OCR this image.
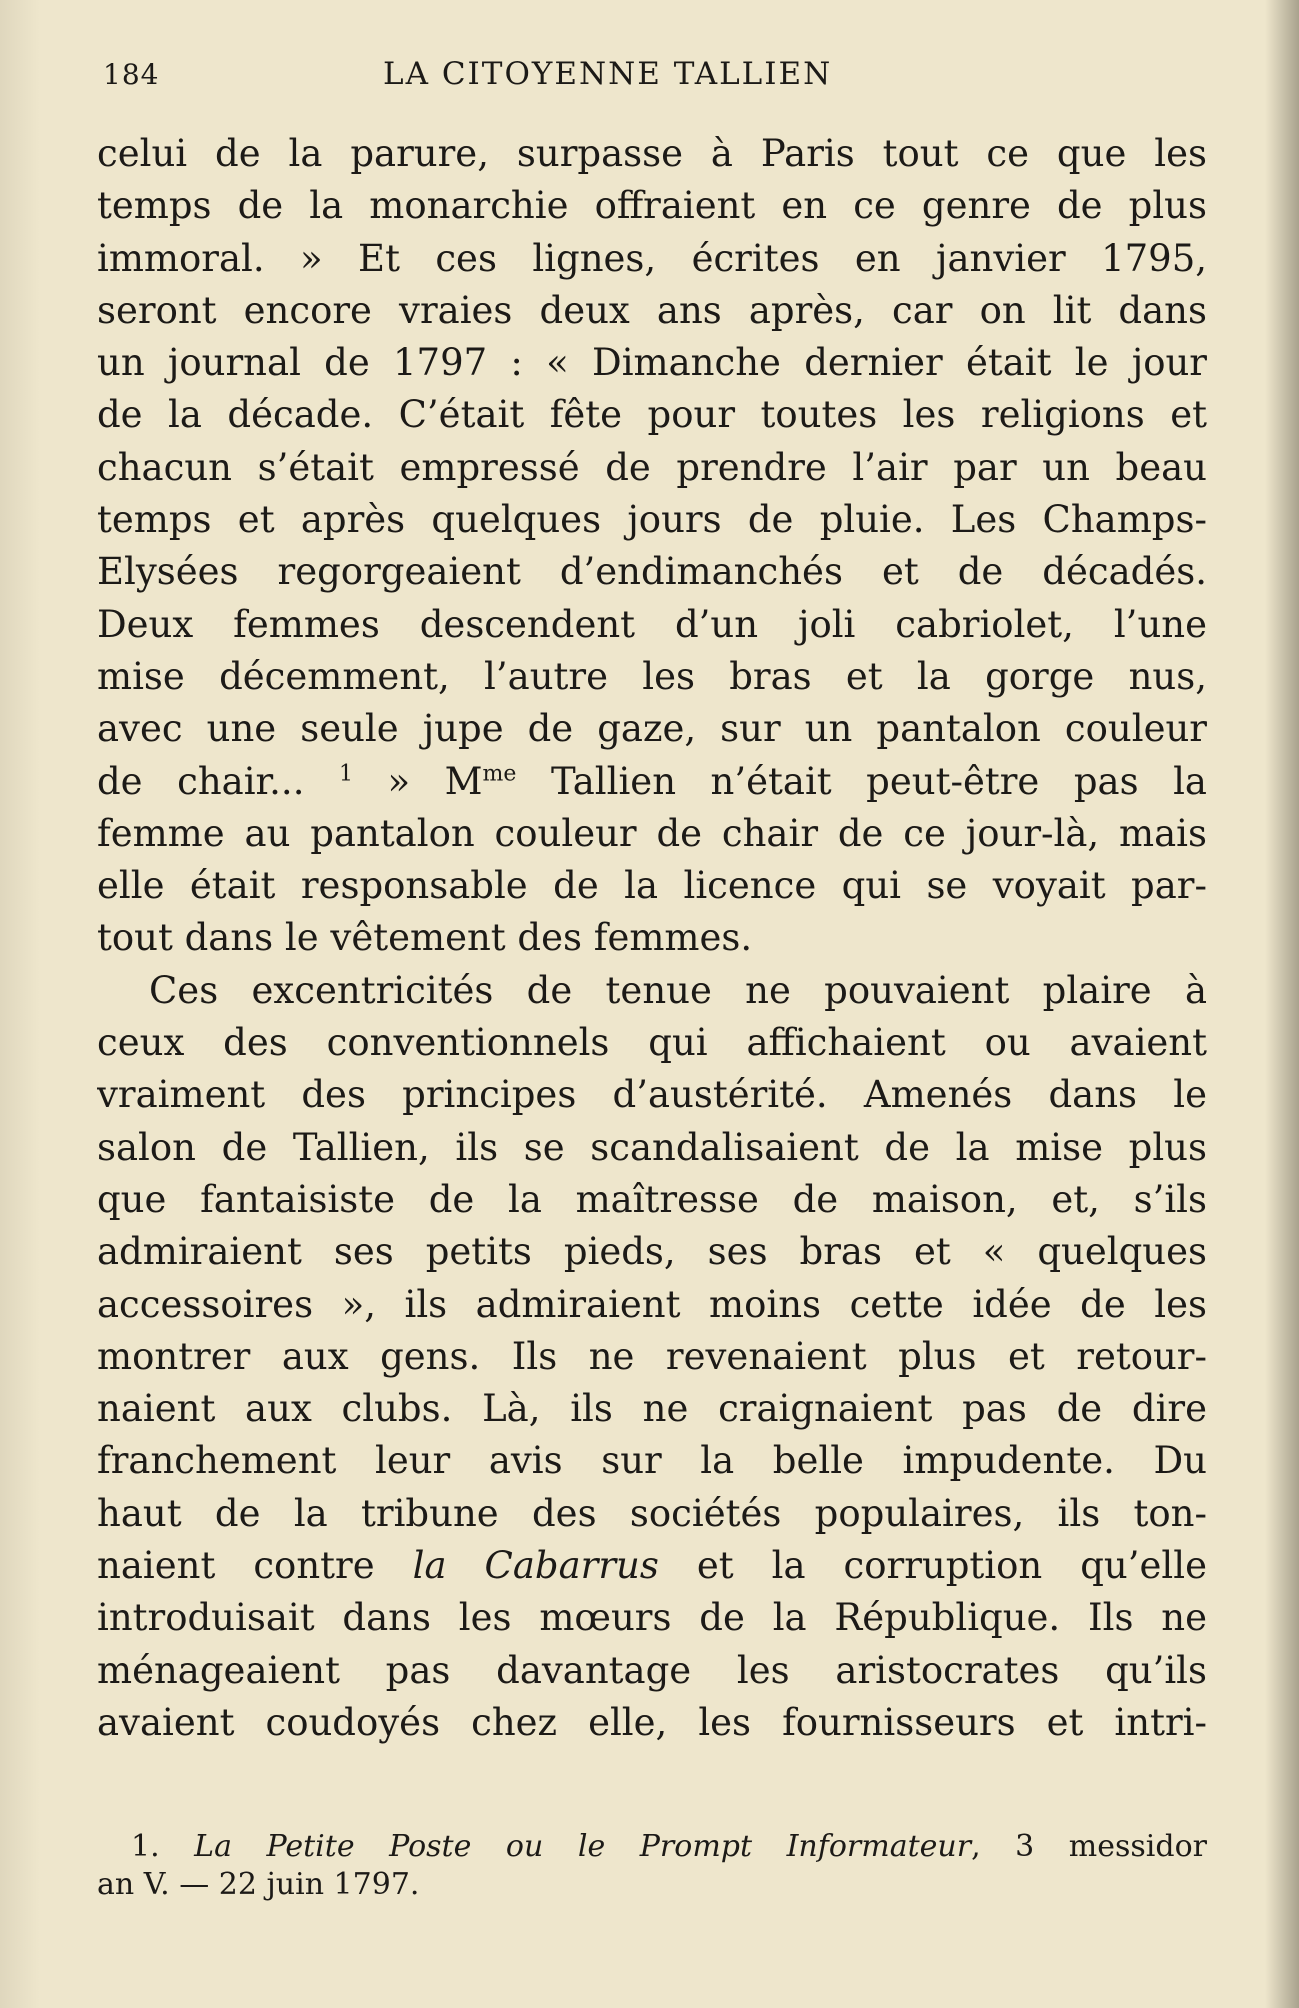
184	LA CITOYENNE TALLIEN
celui de la parure, surpasse à Paris tout ce que les
temps de la monarchie offraient en ce genre de plus
immoral. » Et ces lignes, écrites en janvier 1795,
seront encore vraies deux ans après, car on lit dans
un journal de 1797 : « Dimanche dernier était le jour
de la décade. C’était fête pour toutes les religions et
chacun s’était empressé de prendre l’air par un beau
temps et après quelques jours de pluie. Les Champs-
Elysées regorgeaient d’endimanchés et de décadés.
Deux femmes descendent d’un joli cabriolet, l’une
mise décemment, l’autre les bras et la gorge nus,
avec une seule jupe de gaze, sur un pantalon couleur
de chair... $^1$ » $M^{me}$ Tallien n’était peut-être pas la
femme au pantalon couleur de chair de ce jour-là, mais
elle était responsable de la licence qui se voyait par-
tout dans le vêtement des femmes.
Ces excentricités de tenue ne pouvaient plaire à
ceux des conventionnels qui affichaient ou avaient
vraiment des principes d’austérité. Amenés dans le
salon de Tallien, ils se scandalisaient de la mise plus
que fantaisiste de la maîtresse de maison, et, s’ils
admiraient ses petits pieds, ses bras et « quelques
accessoires », ils admiraient moins cette idée de les
montrer aux gens. Ils ne revenaient plus et retour-
naient aux clubs. Là, ils ne craignaient pas de dire
franchement leur avis sur la belle impudente. Du
haut de la tribune des sociétés populaires, ils ton-
naient contre la Cabarrus et la corruption qu’elle
introduisait dans les mœurs de la République. Ils ne
ménageaient pas davantage les aristocrates qu’ils
avaient coudoyés chez elle, les fournisseurs et intri-
1. La Petite Poste ou le Prompt Informateur, 3 messidor
an V. — 22 juin 1797.
